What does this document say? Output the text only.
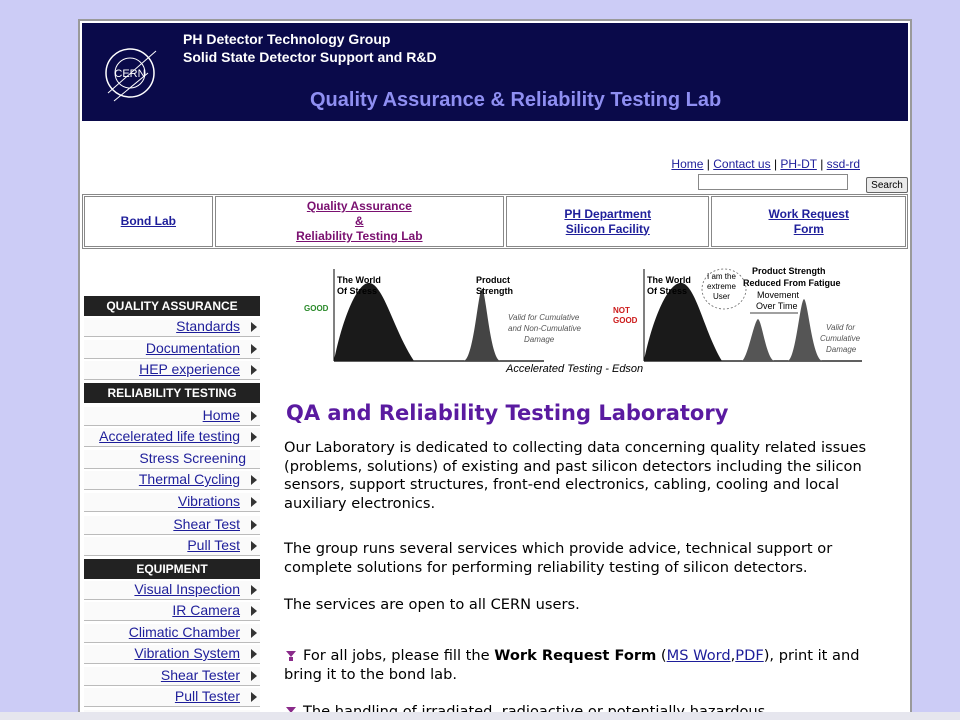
CERN
PH Detector Technology Group
Solid State Detector Support and R&D
Quality Assurance & Reliability Testing Lab
Home | Contact us | PH-DT | ssd-rd
Search
Bond Lab
Quality Assurance
&
Reliability Testing Lab
PH Department
Silicon Facility
Work Request
Form
QUALITY ASSURANCE
Standards
Documentation
HEP experience
RELIABILITY TESTING
Home
Accelerated life testing
Stress Screening
Thermal Cycling
Vibrations
Shear Test
Pull Test
EQUIPMENT
Visual Inspection
IR Camera
Climatic Chamber
Vibration System
Shear Tester
Pull Tester
The World
Of Stress
GOOD
Product
Strength
Valid for Cumulative
and Non-Cumulative
Damage
The World
Of Stress
NOT
GOOD
I am the
extreme
User
Product Strength
Reduced From Fatigue
Movement
Over Time
Valid for
Cumulative
Damage
Accelerated Testing - Edson
QA and Reliability Testing Laboratory
Our Laboratory is dedicated to collecting data concerning quality related issues (problems, solutions) of existing and past silicon detectors including the silicon sensors, support structures, front-end electronics, cabling, cooling and local auxiliary electronics.
The group runs several services which provide advice, technical support or complete solutions for performing reliability testing of silicon detectors.
The services are open to all CERN users.
For all jobs, please fill the Work Request Form (MS Word,PDF), print it and bring it to the bond lab.
